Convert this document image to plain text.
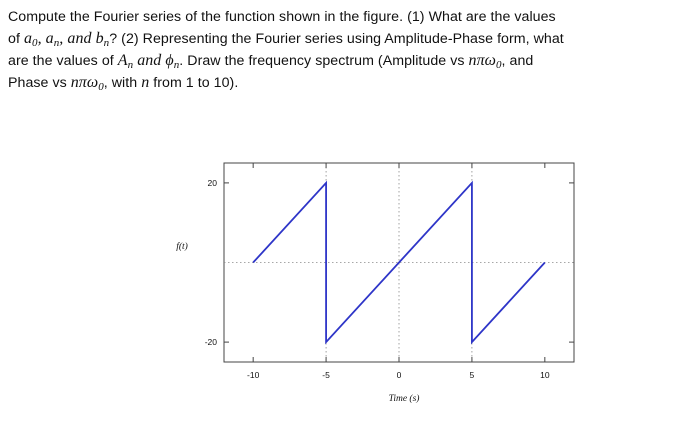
Compute the Fourier series of the function shown in the figure. (1) What are the values

of $a_0$, $a_n$, and $b_n$? (2) Representing the Fourier series using Amplitude-Phase form, what

are the values of $A_n$ and $\phi_n$. Draw the frequency spectrum (Amplitude vs nπω$_0$, and

Phase vs nπω$_0$, with n from 1 to 10).

-10	-5	0	5	10
20
-20
f(t)
Time (s)
